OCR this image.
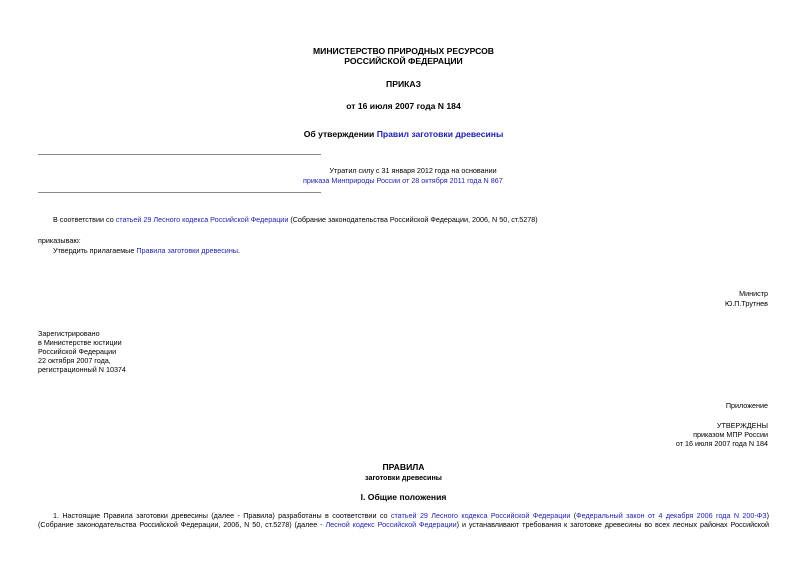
МИНИСТЕРСТВО ПРИРОДНЫХ РЕСУРСОВ
РОССИЙСКОЙ ФЕДЕРАЦИИ
ПРИКАЗ
от 16 июля 2007 года N 184
Об утверждении Правил заготовки древесины
Утратил силу с 31 января 2012 года на основании
приказа Минприроды России от 28 октября 2011 года N 867
В соответствии со статьей 29 Лесного кодекса Российской Федерации (Собрание законодательства Российской Федерации, 2006, N 50, ст.5278)
приказываю:
Утвердить прилагаемые Правила заготовки древесины.
Министр
Ю.П.Трутнев
Зарегистрировано
в Министерстве юстиции
Российской Федерации
22 октября 2007 года,
регистрационный N 10374
Приложение
УТВЕРЖДЕНЫ
приказом МПР России
от 16 июля 2007 года N 184
ПРАВИЛА
заготовки древесины
I. Общие положения
1. Настоящие Правила заготовки древесины (далее - Правила) разработаны в соответствии со статьей 29 Лесного кодекса Российской Федерации (Федеральный закон от 4 декабря 2006 года N 200-ФЗ) (Собрание законодательства Российской Федерации, 2006, N 50, ст.5278) (далее - Лесной кодекс Российской Федерации) и устанавливают требования к заготовке древесины во всех лесных районах Российской
